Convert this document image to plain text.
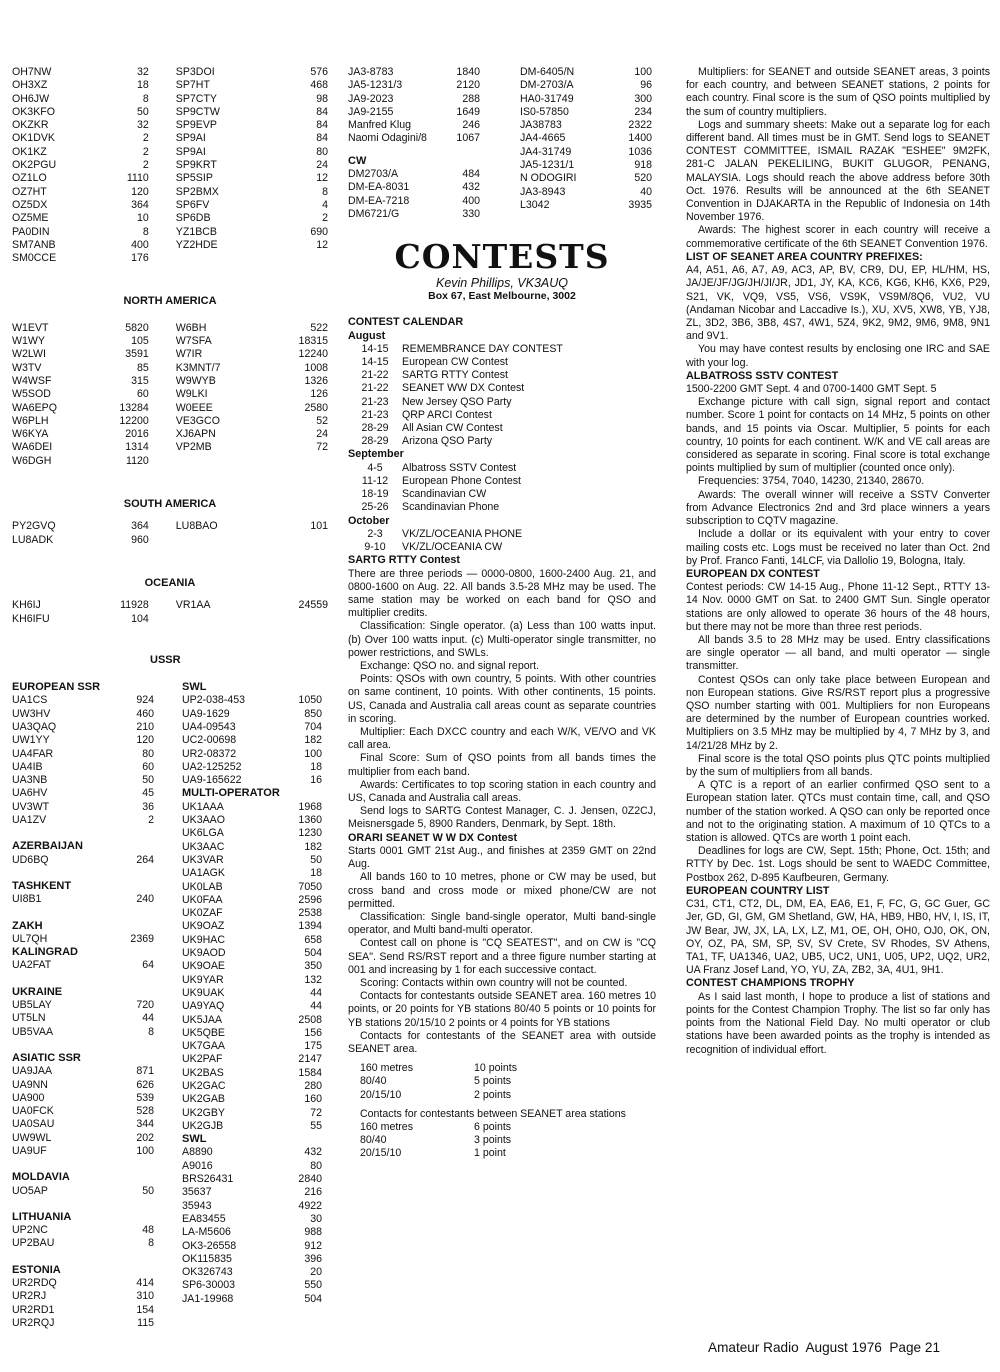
OH7NW	32	SP3DOI	576
OH3XZ	18	SP7HT	468
OH6JW	8	SP7CTY	98
OK3KFO	50	SP9CTW	84
OKZKR	32	SP9EVP	84
OK1DVK	2	SP9AI	84
OK1KZ	2	SP9AI	80
OK2PGU	2	SP9KRT	24
OZ1LO	1110	SP5SIP	12
OZ7HT	120	SP2BMX	8
OZ5DX	364	SP6FV	4
OZ5ME	10	SP6DB	2
PA0DIN	8	YZ1BCB	690
SM7ANB	400	YZ2HDE	12
SM0CCE	176
NORTH AMERICA
W1EVT	5820	W6BH	522
W1WY	105	W7SFA	18315
W2LWI	3591	W7IR	12240
W3TV	85	K3MNT/7	1008
W4WSF	315	W9WYB	1326
W5SOD	60	W9LKI	126
WA6EPQ	13284	W0EEE	2580
W6PLH	12200	VE3GCO	52
W6KYA	2016	XJ6APN	24
WA6DEI	1314	VP2MB	72
W6DGH	1120
SOUTH AMERICA
PY2GVQ	364	LU8BAO	101
LU8ADK	960
OCEANIA
KH6IJ	11928	VR1AA	24559
KH6IFU	104
USSR
EUROPEAN SSR
UA1CS	924
UW3HV	460
UA3QAQ	210
UW1YY	120
UA4FAR	80
UA4IB	60
UA3NB	50
UA6HV	45
UV3WT	36
UA1ZV	2
AZERBAIJAN
UD6BQ	264
TASHKENT
UI8B1	240
ZAKH
UL7QH	2369
KALINGRAD
UA2FAT	64
UKRAINE
UB5LAY	720
UT5LN	44
UB5VAA	8
ASIATIC SSR
UA9JAA	871
UA9NN	626
UA900	539
UA0FCK	528
UA0SAU	344
UW9WL	202
UA9UF	100
MOLDAVIA
UO5AP	50
LITHUANIA
UP2NC	48
UP2BAU	8
ESTONIA
UR2RDQ	414
UR2RJ	310
UR2RD1	154
UR2RQJ	115
SWL
UP2-038-453	1050
UA9-1629	850
UA4-09543	704
UC2-00698	182
UR2-08372	100
UA2-125252	18
UA9-165622	16
MULTI-OPERATOR
UK1AAA	1968
UK3AAO	1360
UK6LGA	1230
UK3AAC	182
UK3VAR	50
UA1AGK	18
UK0LAB	7050
UK0FAA	2596
UK0ZAF	2538
UK9OAZ	1394
UK9HAC	658
UK9AOD	504
UK9OAE	350
UK9YAR	132
UK9UAK	44
UA9YAQ	44
UK5JAA	2508
UK5QBE	156
UK7GAA	175
UK2PAF	2147
UK2BAS	1584
UK2GAC	280
UK2GAB	160
UK2GBY	72
UK2GJB	55
SWL
A8890	432
A9016	80
BRS26431	2840
35637	216
35943	4922
EA83455	30
LA-M5606	988
OK3-26558	912
OK115835	396
OK326743	20
SP6-30003	550
JA1-19968	504
JA3-8783	1840
JA5-1231/3	2120
JA9-2023	288
JA9-2155	1649
Manfred Klug	246
Naomi Odagini/8	1067
CW
DM2703/A	484
DM-EA-8031	432
DM-EA-7218	400
DM6721/G	330
DM-6405/N	100
DM-2703/A	96
HA0-31749	300
IS0-57850	234
JA38783	2322
JA4-4665	1400
JA4-31749	1036
JA5-1231/1	918
N ODOGIRI	520
JA3-8943	40
L3042	3935

CONTESTS

Kevin Phillips, VK3AUQ

Box 67, East Melbourne, 3002

CONTEST CALENDAR

August

14-15	REMEMBRANCE DAY CONTEST
14-15	European CW Contest
21-22	SARTG RTTY Contest
21-22	SEANET WW DX Contest
21-23	New Jersey QSO Party
21-23	QRP ARCI Contest
28-29	All Asian CW Contest
28-29	Arizona QSO Party

September

4-5	Albatross SSTV Contest
11-12	European Phone Contest
18-19	Scandinavian CW
25-26	Scandinavian Phone

October

2-3	VK/ZL/OCEANIA PHONE
9-10	VK/ZL/OCEANIA CW

SARTG RTTY Contest

There are three periods — 0000-0800, 1600-2400 Aug. 21, and 0800-1600 on Aug. 22. All bands 3.5-28 MHz may be used. The same station may be worked on each band for QSO and multiplier credits.

Classification: Single operator. (a) Less than 100 watts input. (b) Over 100 watts input. (c) Multi-operator single transmitter, no power restrictions, and SWLs.

Exchange: QSO no. and signal report.

Points: QSOs with own country, 5 points. With other countries on same continent, 10 points. With other continents, 15 points. US, Canada and Australia call areas count as separate countries in scoring.

Multiplier: Each DXCC country and each W/K, VE/VO and VK call area.

Final Score: Sum of QSO points from all bands times the multiplier from each band.

Awards: Certificates to top scoring station in each country and US, Canada and Australia call areas.

Send logs to SARTG Contest Manager, C. J. Jensen, 0Z2CJ, Meisnersgade 5, 8900 Randers, Denmark, by Sept. 18th.

ORARI SEANET W W DX Contest

Starts 0001 GMT 21st Aug., and finishes at 2359 GMT on 22nd Aug.

All bands 160 to 10 metres, phone or CW may be used, but cross band and cross mode or mixed phone/CW are not permitted.

Classification: Single band-single operator, Multi band-single operator, and Multi band-multi operator.

Contest call on phone is "CQ SEATEST", and on CW is "CQ SEA". Send RS/RST report and a three figure number starting at 001 and increasing by 1 for each successive contact.

Scoring: Contacts within own country will not be counted.

Contacts for contestants outside SEANET area. 160 metres 10 points, or 20 points for YB stations 80/40 5 points or 10 points for YB stations 20/15/10 2 points or 4 points for YB stations

Contacts for contestants of the SEANET area with outside SEANET area.

160 metres	10 points
80/40	5 points
20/15/10	2 points

Contacts for contestants between SEANET area stations

160 metres	6 points
80/40	3 points
20/15/10	1 point

Multipliers: for SEANET and outside SEANET areas, 3 points for each country, and between SEANET stations, 2 points for each country. Final score is the sum of QSO points multiplied by the sum of country multipliers.

Logs and summary sheets: Make out a separate log for each different band. All times must be in GMT. Send logs to SEANET CONTEST COMMITTEE, ISMAIL RAZAK "ESHEE" 9M2FK, 281-C JALAN PEKELILING, BUKIT GLUGOR, PENANG, MALAYSIA. Logs should reach the above address before 30th Oct. 1976. Results will be announced at the 6th SEANET Convention in DJAKARTA in the Republic of Indonesia on 14th November 1976.

Awards: The highest scorer in each country will receive a commemorative certificate of the 6th SEANET Convention 1976.

LIST OF SEANET AREA COUNTRY PREFIXES:

A4, A51, A6, A7, A9, AC3, AP, BV, CR9, DU, EP, HL/HM, HS, JA/JE/JF/JG/JH/JI/JR, JD1, JY, KA, KC6, KG6, KH6, KX6, P29, S21, VK, VQ9, VS5, VS6, VS9K, VS9M/8Q6, VU2, VU (Andaman Nicobar and Laccadive Is.), XU, XV5, XW8, YB, YJ8, ZL, 3D2, 3B6, 3B8, 4S7, 4W1, 5Z4, 9K2, 9M2, 9M6, 9M8, 9N1 and 9V1.

You may have contest results by enclosing one IRC and SAE with your log.

ALBATROSS SSTV CONTEST

1500-2200 GMT Sept. 4 and 0700-1400 GMT Sept. 5

Exchange picture with call sign, signal report and contact number. Score 1 point for contacts on 14 MHz, 5 points on other bands, and 15 points via Oscar. Multiplier, 5 points for each country, 10 points for each continent. W/K and VE call areas are considered as separate in scoring. Final score is total exchange points multiplied by sum of multiplier (counted once only).

Frequencies: 3754, 7040, 14230, 21340, 28670.

Awards: The overall winner will receive a SSTV Converter from Advance Electronics 2nd and 3rd place winners a years subscription to CQTV magazine.

Include a dollar or its equivalent with your entry to cover mailing costs etc. Logs must be received no later than Oct. 2nd by Prof. Franco Fanti, 14LCF, via Dallolio 19, Bologna, Italy.

EUROPEAN DX CONTEST

Contest periods: CW 14-15 Aug., Phone 11-12 Sept., RTTY 13-14 Nov. 0000 GMT on Sat. to 2400 GMT Sun. Single operator stations are only allowed to operate 36 hours of the 48 hours, but there may not be more than three rest periods.

All bands 3.5 to 28 MHz may be used. Entry classifications are single operator — all band, and multi operator — single transmitter.

Contest QSOs can only take place between European and non European stations. Give RS/RST report plus a progressive QSO number starting with 001. Multipliers for non Europeans are determined by the number of European countries worked. Multipliers on 3.5 MHz may be multiplied by 4, 7 MHz by 3, and 14/21/28 MHz by 2.

Final score is the total QSO points plus QTC points multiplied by the sum of multipliers from all bands.

A QTC is a report of an earlier confirmed QSO sent to a European station later. QTCs must contain time, call, and QSO number of the station worked. A QSO can only be reported once and not to the originating station. A maximum of 10 QTCs to a station is allowed. QTCs are worth 1 point each.

Deadlines for logs are CW, Sept. 15th; Phone, Oct. 15th; and RTTY by Dec. 1st. Logs should be sent to WAEDC Committee, Postbox 262, D-895 Kaufbeuren, Germany.

EUROPEAN COUNTRY LIST

C31, CT1, CT2, DL, DM, EA, EA6, E1, F, FC, G, GC Guer, GC Jer, GD, GI, GM, GM Shetland, GW, HA, HB9, HB0, HV, I, IS, IT, JW Bear, JW, JX, LA, LX, LZ, M1, OE, OH, OH0, OJ0, OK, ON, OY, OZ, PA, SM, SP, SV, SV Crete, SV Rhodes, SV Athens, TA1, TF, UA1346, UA2, UB5, UC2, UN1, U05, UP2, UQ2, UR2, UA Franz Josef Land, YO, YU, ZA, ZB2, 3A, 4U1, 9H1.

CONTEST CHAMPIONS TROPHY

As I said last month, I hope to produce a list of stations and points for the Contest Champion Trophy. The list so far only has points from the National Field Day. No multi operator or club stations have been awarded points as the trophy is intended as recognition of individual effort.

Amateur Radio  August 1976  Page 21
